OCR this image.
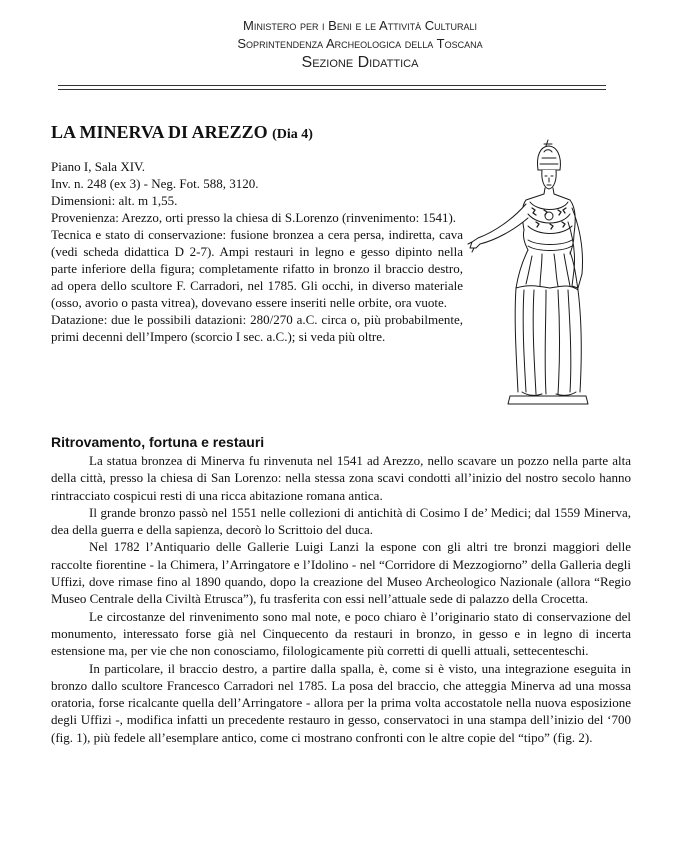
Ministero per i Beni e le Attività Culturali
Soprintendenza Archeologica della Toscana
Sezione Didattica
LA MINERVA DI AREZZO (Dia 4)

Piano I, Sala XIV.

Inv. n. 248 (ex 3) - Neg. Fot. 588, 3120.

Dimensioni: alt. m 1,55.

Provenienza: Arezzo, orti presso la chiesa di S.Lorenzo (rinvenimento: 1541).

Tecnica e stato di conservazione: fusione bronzea a cera persa, indiretta, cava (vedi scheda didattica D 2-7). Ampi restauri in legno e gesso dipinto nella parte inferiore della figura; completamente rifatto in bronzo il braccio destro, ad opera dello scultore F. Carradori, nel 1785. Gli occhi, in diverso materiale (osso, avorio o pasta vitrea), dovevano essere inseriti nelle orbite, ora vuote.

Datazione: due le possibili datazioni: 280/270 a.C. circa o, più probabilmente, primi decenni dell’Impero (scorcio I sec. a.C.); si veda più oltre.

Ritrovamento, fortuna e restauri

La statua bronzea di Minerva fu rinvenuta nel 1541 ad Arezzo, nello scavare un pozzo nella parte alta della città, presso la chiesa di San Lorenzo: nella stessa zona scavi condotti all’inizio del nostro secolo hanno rintracciato cospicui resti di una ricca abitazione romana antica.

Il grande bronzo passò nel 1551 nelle collezioni di antichità di Cosimo I de’ Medici; dal 1559 Minerva, dea della guerra e della sapienza, decorò lo Scrittoio del duca.

Nel 1782 l’Antiquario delle Gallerie Luigi Lanzi la espone con gli altri tre bronzi maggiori delle raccolte fiorentine - la Chimera, l’Arringatore e l’Idolino - nel “Corridore di Mezzogiorno” della Galleria degli Uffizi, dove rimase fino al 1890 quando, dopo la creazione del Museo Archeologico Nazionale (allora “Regio Museo Centrale della Civiltà Etrusca”), fu trasferita con essi nell’attuale sede di palazzo della Crocetta.

Le circostanze del rinvenimento sono mal note, e poco chiaro è l’originario stato di conservazione del monumento, interessato forse già nel Cinquecento da restauri in bronzo, in gesso e in legno di incerta estensione ma, per vie che non conosciamo, filologicamente più corretti di quelli attuali, settecenteschi.

In particolare, il braccio destro, a partire dalla spalla, è, come si è visto, una integrazione eseguita in bronzo dallo scultore Francesco Carradori nel 1785. La posa del braccio, che atteggia Minerva ad una mossa oratoria, forse ricalcante quella dell’Arringatore - allora per la prima volta accostatole nella nuova esposizione degli Uffizi -, modifica infatti un precedente restauro in gesso, conservatoci in una stampa dell’inizio del ‘700 (fig. 1), più fedele all’esemplare antico, come ci mostrano confronti con le altre copie del “tipo” (fig. 2).
